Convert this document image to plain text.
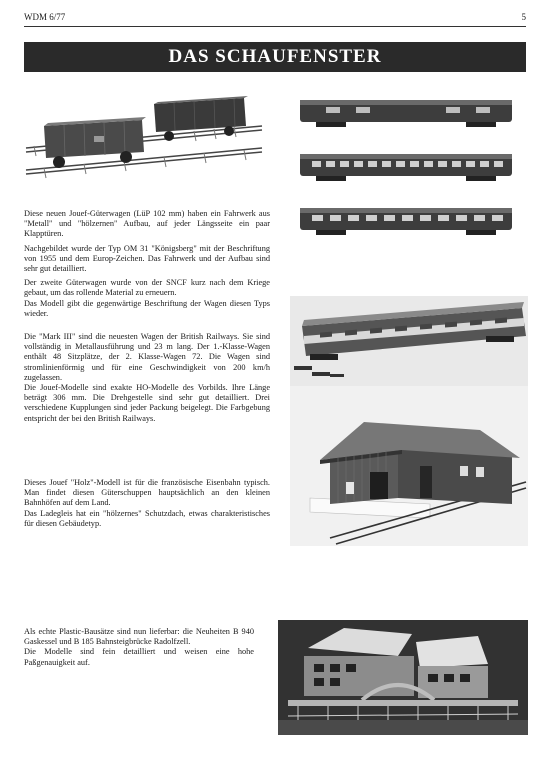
WDM 6/77	5
DAS SCHAUFENSTER

Diese neuen Jouef-Güterwagen (LüP 102 mm) haben ein Fahrwerk aus "Metall" und "hölzernen" Aufbau, auf jeder Längsseite ein paar Klapptüren.

Nachgebildet wurde der Typ OM 31 "Königsberg" mit der Beschriftung von 1955 und dem Europ-Zeichen. Das Fahrwerk und der Aufbau sind sehr gut detailliert.

Der zweite Güterwagen wurde von der SNCF kurz nach dem Kriege gebaut, um das rollende Material zu erneuern.

Das Modell gibt die gegenwärtige Beschriftung der Wagen diesen Typs wieder.

Die "Mark III" sind die neuesten Wagen der British Railways. Sie sind vollständig in Metallausführung und 23 m lang. Der 1.-Klasse-Wagen enthält 48 Sitzplätze, der 2. Klasse-Wagen 72. Die Wagen sind stromlinienförmig und für eine Geschwindigkeit von 200 km/h zugelassen.

Die Jouef-Modelle sind exakte HO-Modelle des Vorbilds. Ihre Länge beträgt 306 mm. Die Drehgestelle sind sehr gut detailliert. Drei verschiedene Kupplungen sind jeder Packung beigelegt. Die Farbgebung entspricht der bei den British Railways.

Dieses Jouef "Holz"-Modell ist für die französische Eisenbahn typisch. Man findet diesen Güterschuppen hauptsächlich an den kleinen Bahnhöfen auf dem Land.

Das Ladegleis hat ein "hölzernes" Schutzdach, etwas charakteristisches für diesen Gebäudetyp.

Als echte Plastic-Bausätze sind nun lieferbar: die Neuheiten B 940 Gaskessel und B 185 Bahnsteigbrücke Radolfzell.

Die Modelle sind fein detailliert und weisen eine hohe Paßgenauigkeit auf.
